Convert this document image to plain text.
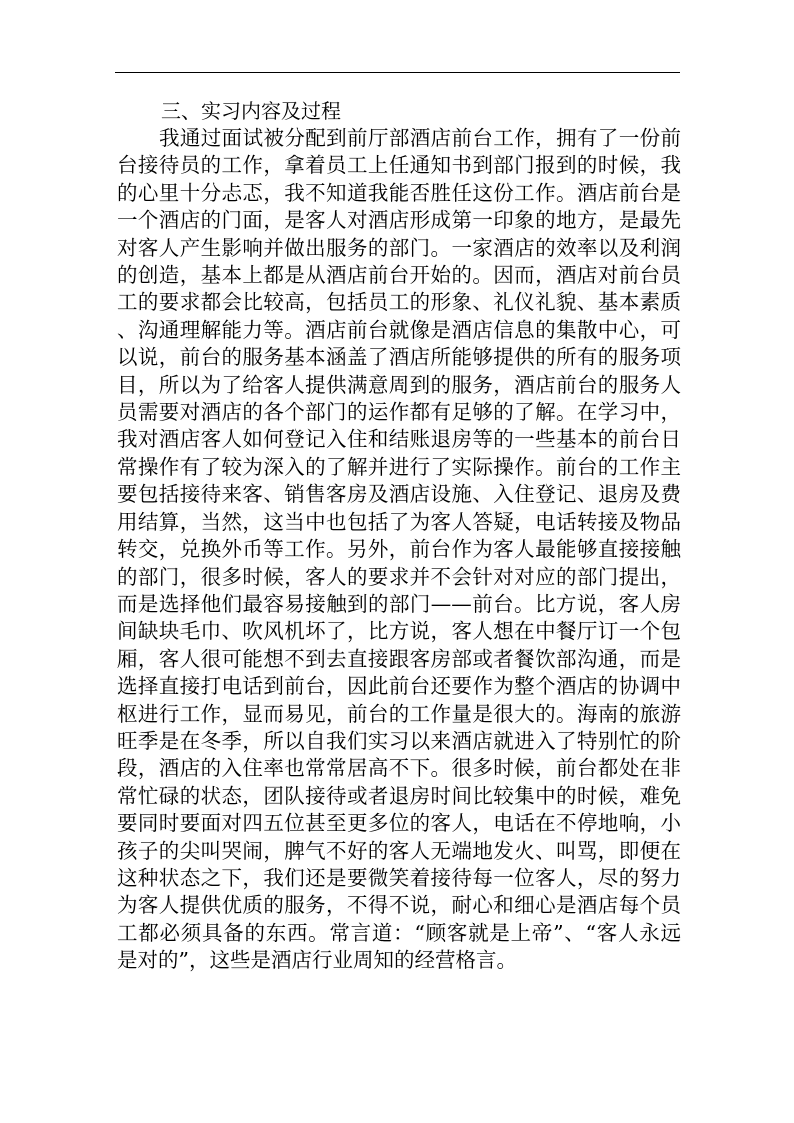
三、实习内容及过程

我通过面试被分配到前厅部酒店前台工作，拥有了一份前台接待员的工作，拿着员工上任通知书到部门报到的时候，我的心里十分忐忑，我不知道我能否胜任这份工作。酒店前台是一个酒店的门面，是客人对酒店形成第一印象的地方，是最先对客人产生影响并做出服务的部门。一家酒店的效率以及利润的创造，基本上都是从酒店前台开始的。因而，酒店对前台员工的要求都会比较高，包括员工的形象、礼仪礼貌、基本素质、沟通理解能力等。酒店前台就像是酒店信息的集散中心，可以说，前台的服务基本涵盖了酒店所能够提供的所有的服务项目，所以为了给客人提供满意周到的服务，酒店前台的服务人员需要对酒店的各个部门的运作都有足够的了解。在学习中，我对酒店客人如何登记入住和结账退房等的一些基本的前台日常操作有了较为深入的了解并进行了实际操作。前台的工作主要包括接待来客、销售客房及酒店设施、入住登记、退房及费用结算，当然，这当中也包括了为客人答疑，电话转接及物品转交，兑换外币等工作。另外，前台作为客人最能够直接接触的部门，很多时候，客人的要求并不会针对对应的部门提出，而是选择他们最容易接触到的部门——前台。比方说，客人房间缺块毛巾、吹风机坏了，比方说，客人想在中餐厅订一个包厢，客人很可能想不到去直接跟客房部或者餐饮部沟通，而是选择直接打电话到前台，因此前台还要作为整个酒店的协调中枢进行工作，显而易见，前台的工作量是很大的。海南的旅游旺季是在冬季，所以自我们实习以来酒店就进入了特别忙的阶段，酒店的入住率也常常居高不下。很多时候，前台都处在非常忙碌的状态，团队接待或者退房时间比较集中的时候，难免要同时要面对四五位甚至更多位的客人，电话在不停地响，小孩子的尖叫哭闹，脾气不好的客人无端地发火、叫骂，即便在这种状态之下，我们还是要微笑着接待每一位客人，尽的努力为客人提供优质的服务，不得不说，耐心和细心是酒店每个员工都必须具备的东西。常言道：“顾客就是上帝”、“客人永远是对的”，这些是酒店行业周知的经营格言。
